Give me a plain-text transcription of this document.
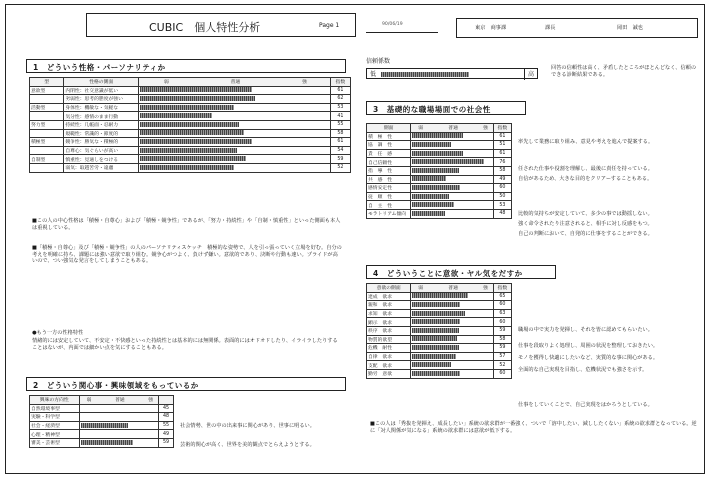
CUBIC　個人特性分析	Page 1	90/06/19
東京　商事課	課長	岡田　誠也
1　どういう性格・パーソナリティか
型	性格の側面	弱 強
普通	指数
意欲型	内閉性：社交意識が低い		61
	劣弱性：思考的態度が強い		62
活動型	身体性：機敏な・気軽な		53
	気分性：感情のまま行動		41
努力型	持続性：几帳面・忍耐力		55
	規範性：常識的・節度的		58
積極型	競争性：勝気な・積極的		61
	自尊心：気ぐらいが高い		54
自制型	慎重性：見通しをつける		59
	弱気：取越苦労・遠慮		52
■この人の中心性格は「積極・自尊心」および「積極・競争性」であるが、「努力・持続性」や「自制・慎重性」といった側面も本人は重視している。
■「積極・自尊心」及び「積極・競争性」の人のパーソナリティスケッチ　積極的な姿勢で、人を引っ張っていく立場を好む。自分の考えを明確に持ち、課題には強い意欲で取り組む。競争心がつよく、負けず嫌い。意欲的であり、決断や行動も速い。プライドが高いので、つい強気な発言をしてしまうこともある。
●もう一方の性格特性
情緒的には安定していて、不安定・不快感といった持続性とは基本的には無関係。表面的にはオドオドしたり、イライラしたりすることはないが、内面では細かい点を気にすることもある。
2　どういう関心事・興味領域をもっているか
興味の方向性	弱 強
普通	
自然環境事型		45
実験・科学型		48
社会・経済型		55
心理・精神型		49
審美・芸術型		59
社会情勢、世の中の出来事に関心があり、世事に明るい。
芸術的関心が高く、世界を美的観点でとらえようとする。
信頼係数
低	高
回答の信頼性は高く、矛盾したところがほとんどなく、信頼のできる診断結果である。
3　基礎的な職場場面での社会性
側面	弱 強
普通	指数
積　極　性		61
協　調　性		51
責　任　感		61
自己信頼性		76
指　導　性		58
共　感　性		49
感情安定性		60
従　順　性		50
自　主　性		53
モラトリアム傾向		48
率先して業務に取り組み、意見や考えを進んで提案する。
任された仕事や役割を理解し、最後に責任を持っている。
自信があるため、大きな目的をクリアーすることもある。
比較的気持ちが安定していて、多少の事では動揺しない。
強く命令されたり注意されると、相手に対し反感をもつ。
自己の判断において、自発的に仕事をすることができる。
4　どういうことに意欲・ヤル気をだすか
意欲の側面	弱 強
普通	指数
達成　欲求		65
親和　欲求		60
求知　欲求		63
顕示　欲求		60
秩序　欲求		59
物質的欲望		58
危機　耐性		59
自律　欲求		57
支配　欲求		52
勤労　意欲		60
職場の中で実力を発揮し、それを皆に認めてもらいたい。
仕事を段取りよく処理し、周囲の状況を整理しておきたい。
モノを獲得し快適にしたいなど、実質的な事に関心がある。
全面的な自己実現を目指し、危機状況でも強さを示す。
仕事をしていくことで、自己実現をはかろうとしている。
■この人は「秀抜を発揮え、成長したい」系統の欲求群が一番強く、ついで「溶中したい、減ししたくない」系統の欲求群となっている。逆に「対人関係が気になる」系統の欲求群には意欲が低下する。
